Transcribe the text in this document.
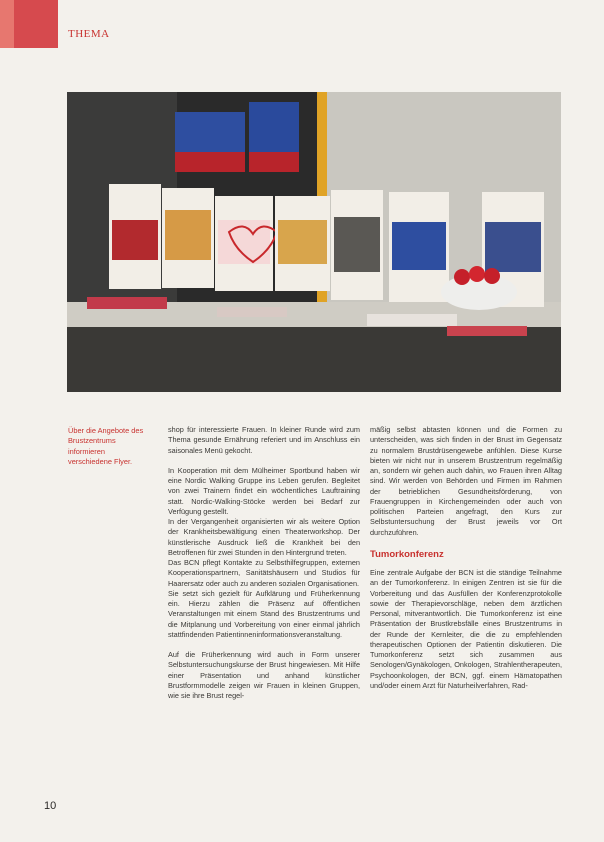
THEMA
Über die Angebote des Brustzentrums informieren verschiedene Flyer.

shop für interessierte Frauen. In kleiner Runde wird zum Thema gesunde Ernährung referiert und im Anschluss ein saisonales Menü gekocht.

In Kooperation mit dem Mülheimer Sportbund haben wir eine Nordic Walking Gruppe ins Leben gerufen. Begleitet von zwei Trainern findet ein wöchentliches Lauftraining statt. Nordic-Walking-Stöcke werden bei Bedarf zur Verfügung gestellt.

In der Vergangenheit organisierten wir als weitere Option der Krankheitsbewältigung einen Theaterworkshop. Der künstlerische Ausdruck ließ die Krankheit bei den Betroffenen für zwei Stunden in den Hintergrund treten.

Das BCN pflegt Kontakte zu Selbsthilfegruppen, externen Kooperationspartnern, Sanitätshäusern und Studios für Haarersatz oder auch zu anderen sozialen Organisationen.

Sie setzt sich gezielt für Aufklärung und Früherkennung ein. Hierzu zählen die Präsenz auf öffentlichen Veranstaltungen mit einem Stand des Brustzentrums und die Mitplanung und Vorbereitung von einer einmal jährlich stattfindenden Patientinneninformationsveranstaltung.

Auf die Früherkennung wird auch in Form unserer Selbstuntersuchungskurse der Brust hingewiesen. Mit Hilfe einer Präsentation und anhand künstlicher Brustformmodelle zeigen wir Frauen in kleinen Gruppen, wie sie ihre Brust regel-

mäßig selbst abtasten können und die Formen zu unterscheiden, was sich finden in der Brust im Gegensatz zu normalem Brustdrüsengewebe anfühlen. Diese Kurse bieten wir nicht nur in unserem Brustzentrum regelmäßig an, sondern wir gehen auch dahin, wo Frauen ihren Alltag sind. Wir werden von Behörden und Firmen im Rahmen der betrieblichen Gesundheitsförderung, von Frauengruppen in Kirchengemeinden oder auch von politischen Parteien angefragt, den Kurs zur Selbstuntersuchung der Brust jeweils vor Ort durchzuführen.

Tumorkonferenz

Eine zentrale Aufgabe der BCN ist die ständige Teilnahme an der Tumorkonferenz. In einigen Zentren ist sie für die Vorbereitung und das Ausfüllen der Konferenzprotokolle sowie der Therapievorschläge, neben dem ärztlichen Personal, mitverantwortlich. Die Tumorkonferenz ist eine Präsentation der Brustkrebsfälle eines Brustzentrums in der Runde der Kernleiter, die die zu empfehlenden therapeutischen Optionen der Patientin diskutieren. Die Tumorkonferenz setzt sich zusammen aus Senologen/Gynäkologen, Onkologen, Strahlentherapeuten, Psychoonkologen, der BCN, ggf. einem Hämatopathen und/oder einem Arzt für Naturheilverfahren, Rad-

10
